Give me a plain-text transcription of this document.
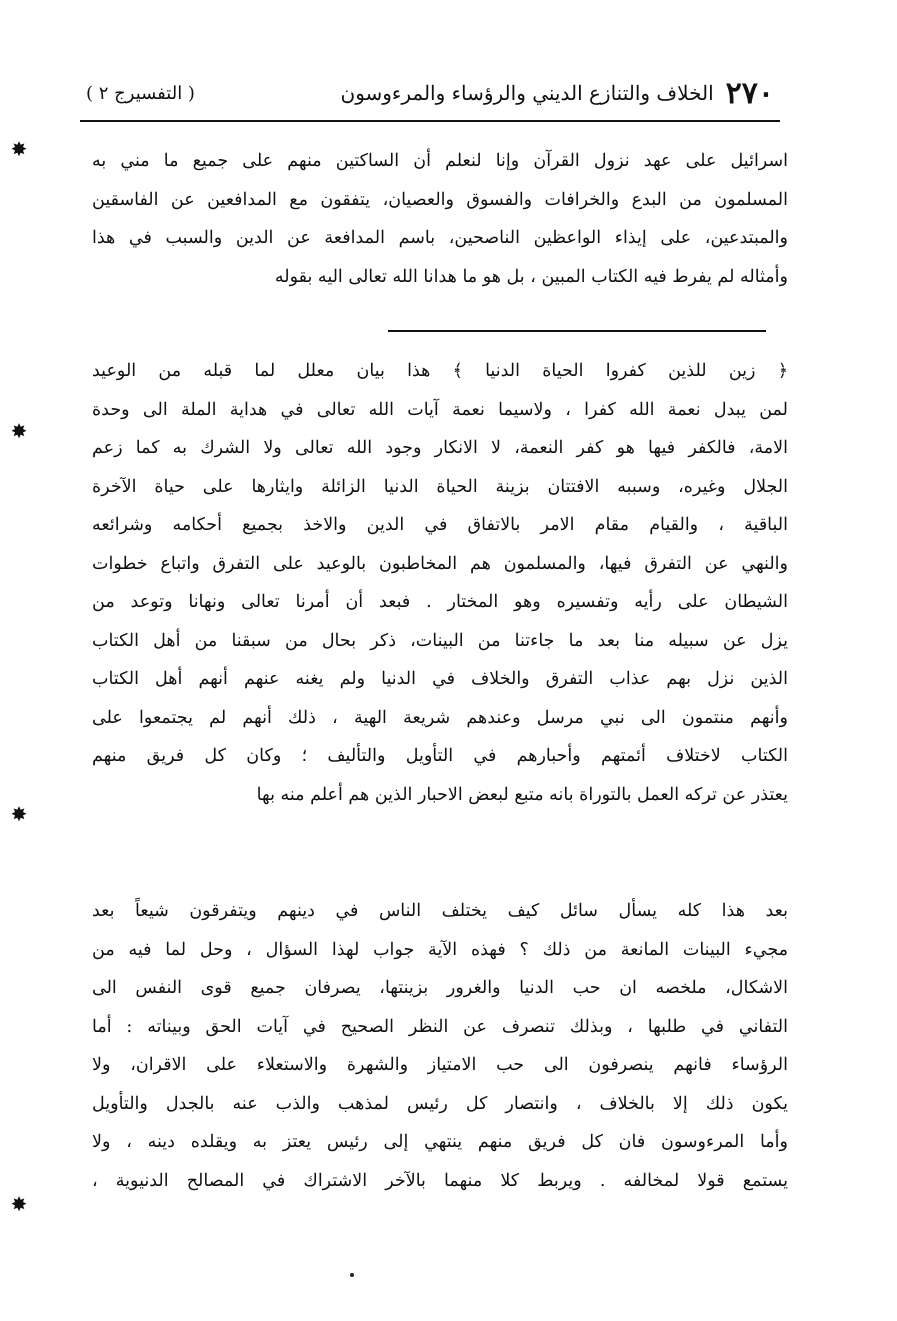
٢٧٠
الخلاف والتنازع الديني والرؤساء والمرءوسون
( التفسيرج ٢ )
اسرائيل على عهد نزول القرآن وإنا لنعلم أن الساكتين منهم على جميع ما مني به
المسلمون من البدع والخرافات والفسوق والعصيان، يتفقون مع المدافعين عن الفاسقين
والمبتدعين، على إيذاء الواعظين الناصحين، باسم المدافعة عن الدين والسبب في هذا
وأمثاله لم يفرط فيه الكتاب المبين ، بل هو ما هدانا الله تعالى اليه بقوله
﴿ زين للذين كفروا الحياة الدنيا ﴾ هذا بيان معلل لما قبله من الوعيد
لمن يبدل نعمة الله كفرا ، ولاسيما نعمة آيات الله تعالى في هداية الملة الى وحدة
الامة، فالكفر فيها هو كفر النعمة، لا الانكار وجود الله تعالى ولا الشرك به كما زعم
الجلال وغيره، وسببه الافتتان بزينة الحياة الدنيا الزائلة وايثارها على حياة الآخرة
الباقية ، والقيام مقام الامر بالاتفاق في الدين والاخذ بجميع أحكامه وشرائعه
والنهي عن التفرق فيها، والمسلمون هم المخاطبون بالوعيد على التفرق واتباع خطوات
الشيطان على رأيه وتفسيره وهو المختار . فبعد أن أمرنا تعالى ونهانا وتوعد من
يزل عن سبيله منا بعد ما جاءتنا من البينات، ذكر بحال من سبقنا من أهل الكتاب
الذين نزل بهم عذاب التفرق والخلاف في الدنيا ولم يغنه عنهم أنهم أهل الكتاب
وأنهم منتمون الى نبي مرسل وعندهم شريعة الهية ، ذلك أنهم لم يجتمعوا على
الكتاب لاختلاف أئمتهم وأحبارهم في التأويل والتأليف ؛ وكان كل فريق منهم
يعتذر عن تركه العمل بالتوراة بانه متبع لبعض الاحبار الذين هم أعلم منه بها
بعد هذا كله يسأل سائل كيف يختلف الناس في دينهم ويتفرقون شيعاً بعد
مجيء البينات المانعة من ذلك ؟ فهذه الآية جواب لهذا السؤال ، وحل لما فيه من
الاشكال، ملخصه ان حب الدنيا والغرور بزينتها، يصرفان جميع قوى النفس الى
التفاني في طلبها ، وبذلك تنصرف عن النظر الصحيح في آيات الحق وبيناته : أما
الرؤساء فانهم ينصرفون الى حب الامتياز والشهرة والاستعلاء على الاقران، ولا
يكون ذلك إلا بالخلاف ، وانتصار كل رئيس لمذهب والذب عنه بالجدل والتأويل
وأما المرءوسون فان كل فريق منهم ينتهي إلى رئيس يعتز به ويقلده دينه ، ولا
يستمع قولا لمخالفه . ويربط كلا منهما بالآخر الاشتراك في المصالح الدنيوية ،
✸
✸
✸
✸
